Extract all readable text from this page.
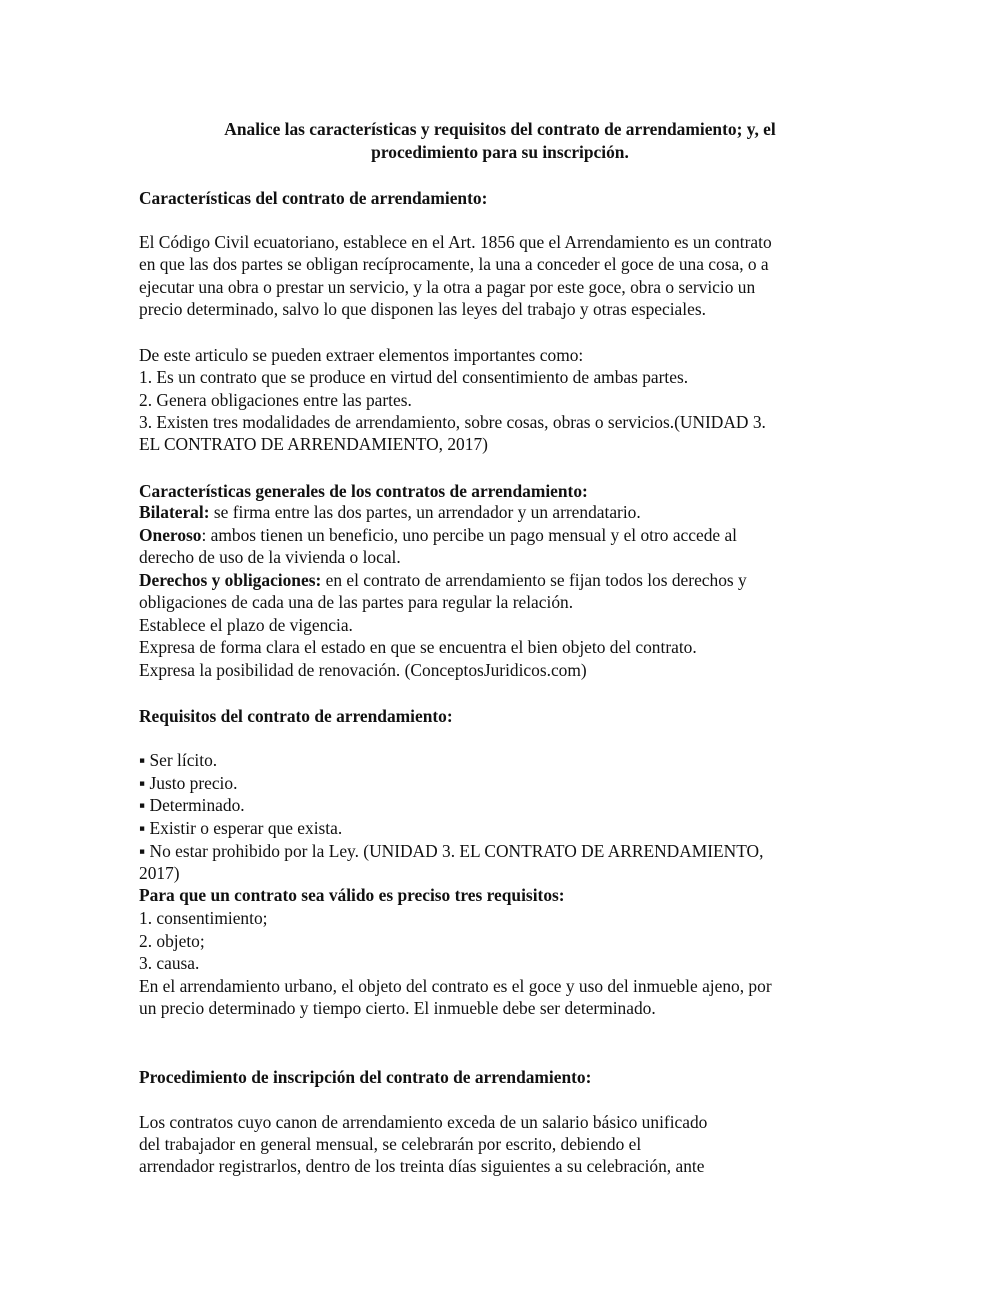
Analice las características y requisitos del contrato de arrendamiento; y, el
procedimiento para su inscripción.
Características del contrato de arrendamiento:
El Código Civil ecuatoriano, establece en el Art. 1856 que el Arrendamiento es un contrato
en que las dos partes se obligan recíprocamente, la una a conceder el goce de una cosa, o a
ejecutar una obra o prestar un servicio, y la otra a pagar por este goce, obra o servicio un
precio determinado, salvo lo que disponen las leyes del trabajo y otras especiales.
De este articulo se pueden extraer elementos importantes como:
1. Es un contrato que se produce en virtud del consentimiento de ambas partes.
2. Genera obligaciones entre las partes.
3. Existen tres modalidades de arrendamiento, sobre cosas, obras o servicios.(UNIDAD 3.
EL CONTRATO DE ARRENDAMIENTO, 2017)
Características generales de los contratos de arrendamiento:
Bilateral: se firma entre las dos partes, un arrendador y un arrendatario.
Oneroso: ambos tienen un beneficio, uno percibe un pago mensual y el otro accede al
derecho de uso de la vivienda o local.
Derechos y obligaciones: en el contrato de arrendamiento se fijan todos los derechos y
obligaciones de cada una de las partes para regular la relación.
Establece el plazo de vigencia.
Expresa de forma clara el estado en que se encuentra el bien objeto del contrato.
Expresa la posibilidad de renovación. (ConceptosJuridicos.com)
Requisitos del contrato de arrendamiento:
▪ Ser lícito.
▪ Justo precio.
▪ Determinado.
▪ Existir o esperar que exista.
▪ No estar prohibido por la Ley. (UNIDAD 3. EL CONTRATO DE ARRENDAMIENTO,
2017)
Para que un contrato sea válido es preciso tres requisitos:
1. consentimiento;
2. objeto;
3. causa.
En el arrendamiento urbano, el objeto del contrato es el goce y uso del inmueble ajeno, por
un precio determinado y tiempo cierto. El inmueble debe ser determinado.
Procedimiento de inscripción del contrato de arrendamiento:
Los contratos cuyo canon de arrendamiento exceda de un salario básico unificado
del trabajador en general mensual, se celebrarán por escrito, debiendo el
arrendador registrarlos, dentro de los treinta días siguientes a su celebración, ante
